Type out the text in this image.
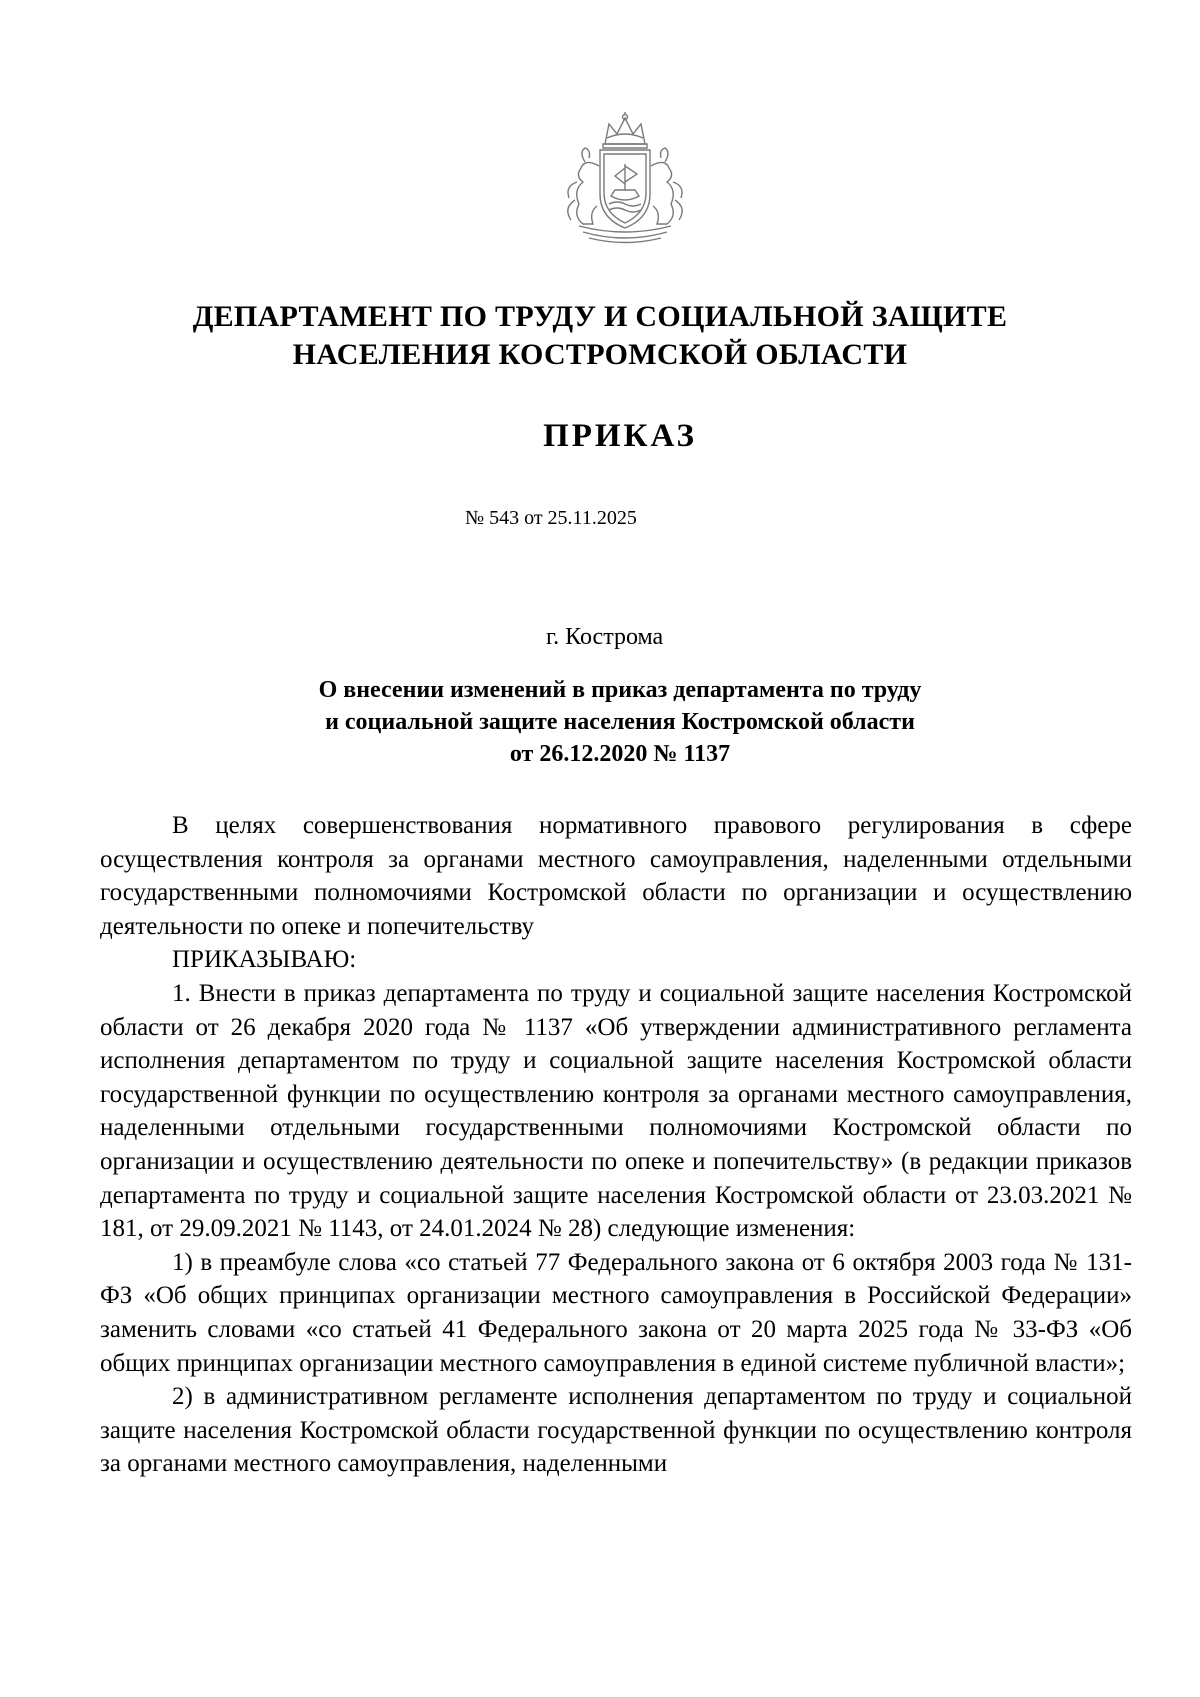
ДЕПАРТАМЕНТ ПО ТРУДУ И СОЦИАЛЬНОЙ ЗАЩИТЕ
НАСЕЛЕНИЯ КОСТРОМСКОЙ ОБЛАСТИ
ПРИКАЗ
№ 543 от 25.11.2025
г. Кострома
О внесении изменений в приказ департамента по труду
и социальной защите населения Костромской области
от 26.12.2020 № 1137

В целях совершенствования нормативного правового регулирования в сфере осуществления контроля за органами местного самоуправления, наделенными отдельными государственными полномочиями Костромской области по организации и осуществлению деятельности по опеке и попечительству

ПРИКАЗЫВАЮ:

1. Внести в приказ департамента по труду и социальной защите населения Костромской области от 26 декабря 2020 года № 1137 «Об утверждении административного регламента исполнения департаментом по труду и социальной защите населения Костромской области государственной функции по осуществлению контроля за органами местного самоуправления, наделенными отдельными государственными полномочиями Костромской области по организации и осуществлению деятельности по опеке и попечительству» (в редакции приказов департамента по труду и социальной защите населения Костромской области от 23.03.2021 № 181, от 29.09.2021 № 1143, от 24.01.2024 № 28) следующие изменения:

1) в преамбуле слова «со статьей 77 Федерального закона от 6 октября 2003 года № 131-ФЗ «Об общих принципах организации местного самоуправления в Российской Федерации» заменить словами «со статьей 41 Федерального закона от 20 марта 2025 года № 33-ФЗ «Об общих принципах организации местного самоуправления в единой системе публичной власти»;

2) в административном регламенте исполнения департаментом по труду и социальной защите населения Костромской области государственной функции по осуществлению контроля за органами местного самоуправления, наделенными
